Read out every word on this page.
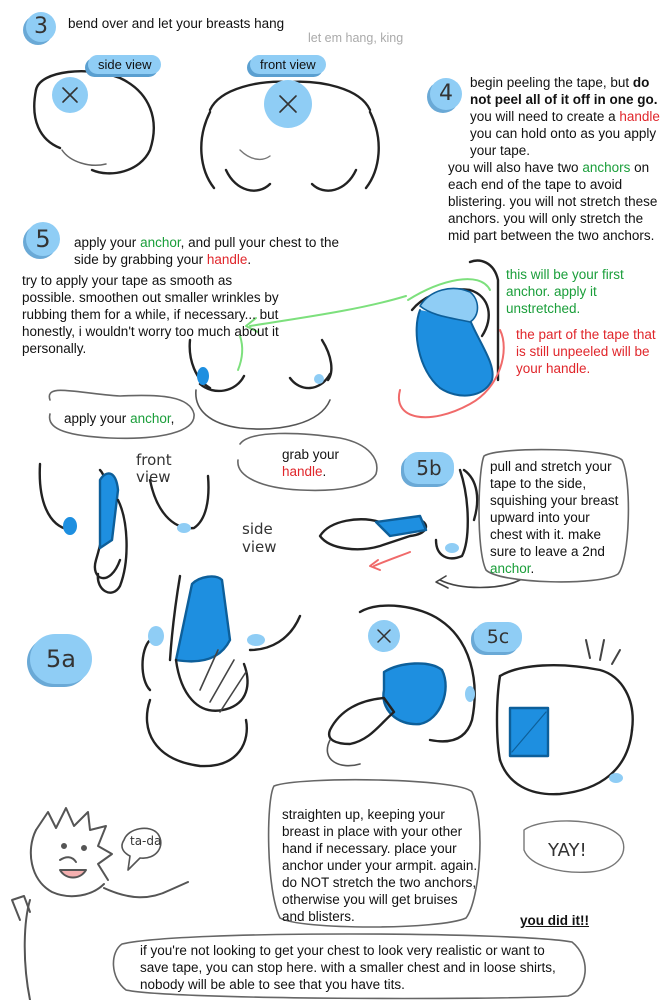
3	bend over and let your breasts hang
let em hang, king
side view	front view
4	begin peeling the tape, but do not peel all of it off in one go. you will need to create a handle you can hold onto as you apply your tape.
you will also have two anchors on each end of the tape to avoid blistering. you will not stretch these anchors. you will only stretch the mid part between the two anchors.
this will be your first anchor. apply it unstretched.
the part of the tape that is still unpeeled will be your handle.
5	apply your anchor, and pull your chest to the side by grabbing your handle.
try to apply your tape as smooth as possible. smoothen out smaller wrinkles by rubbing them for a while, if necessary... but honestly, i wouldn't worry too much about it personally.
apply your anchor,
front view
side view
5a
grab your handle.	5b	pull and stretch your tape to the side, squishing your breast upward into your chest with it. make sure to leave a 2nd anchor.
5c
straighten up, keeping your breast in place with your other hand if necessary. place your anchor under your armpit. again. do NOT stretch the two anchors, otherwise you will get bruises and blisters.
YAY!
ta-da
you did it!!
if you're not looking to get your chest to look very realistic or want to save tape, you can stop here. with a smaller chest and in loose shirts, nobody will be able to see that you have tits.
